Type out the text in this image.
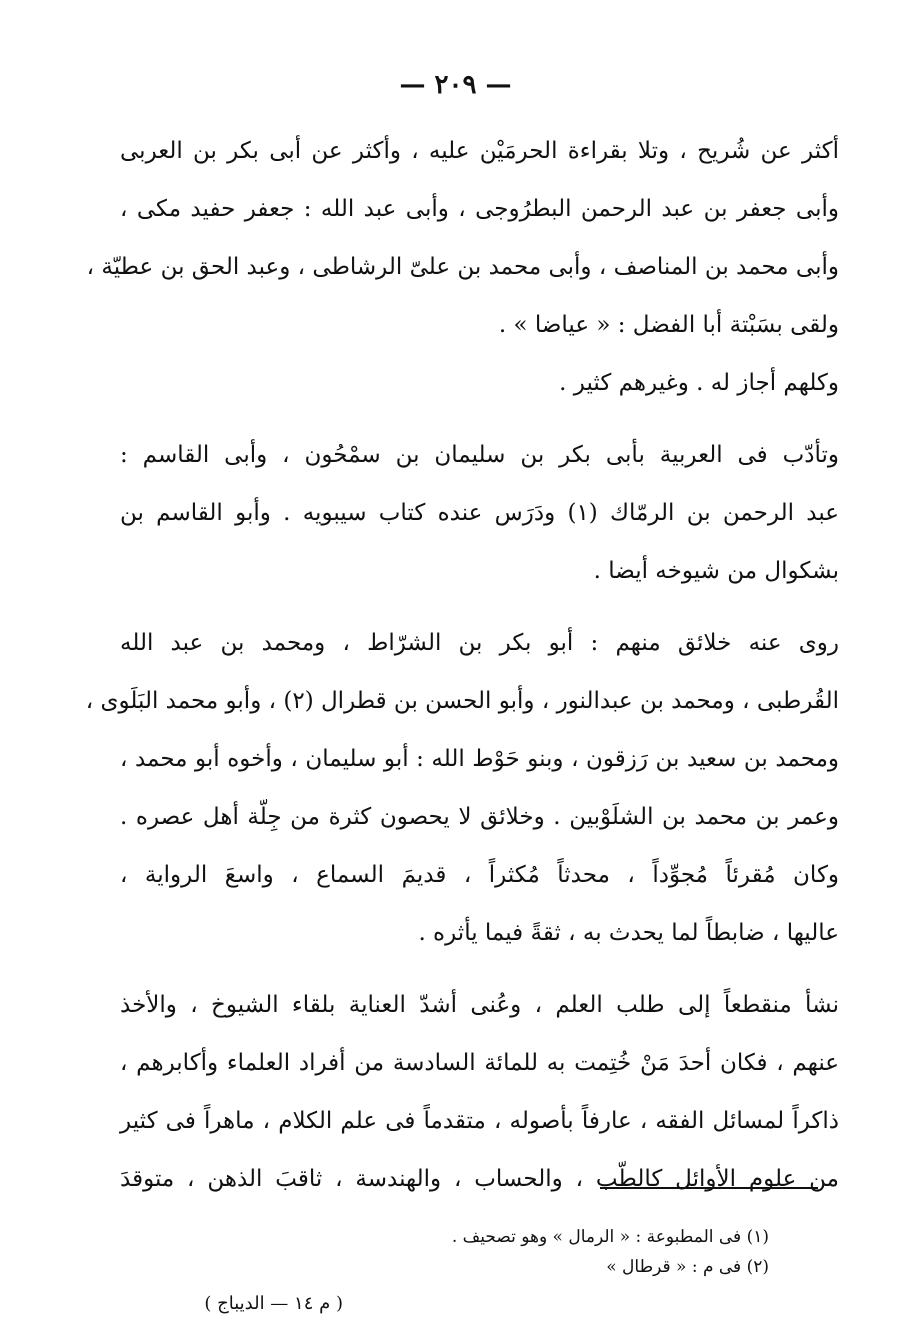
— ٢٠٩ —
أكثر عن شُريح ، وتلا بقراءة الحرمَيْن عليه ، وأكثر عن أبى بكر بن العربى
وأبى جعفر بن عبد الرحمن البطرُوجى ، وأبى عبد الله : جعفر حفيد مكى ،
وأبى محمد بن المناصف ، وأبى محمد بن علىّ الرشاطى ، وعبد الحق بن عطيّة ،
ولقى بسَبْتة أبا الفضل : « عياضا » .
وكلهم أجاز له . وغيرهم كثير .
وتأدّب فى العربية بأبى بكر بن سليمان بن سمْحُون ، وأبى القاسم :
عبد الرحمن بن الرمّاك (١) ودَرَس عنده كتاب سيبويه . وأبو القاسم بن
بشكوال من شيوخه أيضا .
روى عنه خلائق منهم : أبو بكر بن الشرّاط ، ومحمد بن عبد الله
القُرطبى ، ومحمد بن عبدالنور ، وأبو الحسن بن قطرال (٢) ، وأبو محمد البَلَوى ،
ومحمد بن سعيد بن رَزقون ، وبنو حَوْط الله : أبو سليمان ، وأخوه أبو محمد ،
وعمر بن محمد بن الشلَوْبين . وخلائق لا يحصون كثرة من جِلّة أهل عصره .
وكان مُقرئاً مُجوِّداً ، محدثاً مُكثراً ، قديمَ السماع ، واسعَ الرواية ،
عاليها ، ضابطاً لما يحدث به ، ثقةً فيما يأثره .
نشأ منقطعاً إلى طلب العلم ، وعُنى أشدّ العناية بلقاء الشيوخ ، والأخذ
عنهم ، فكان أحدَ مَنْ خُتِمت به للمائة السادسة من أفراد العلماء وأكابرهم ،
ذاكراً لمسائل الفقه ، عارفاً بأصوله ، متقدماً فى علم الكلام ، ماهراً فى كثير
من علوم الأوائل كالطّب ، والحساب ، والهندسة ، ثاقبَ الذهن ، متوقدَ
(١) فى المطبوعة : « الرمال » وهو تصحيف .
(٢) فى م : « قرطال »
( م ١٤ — الديباج )
